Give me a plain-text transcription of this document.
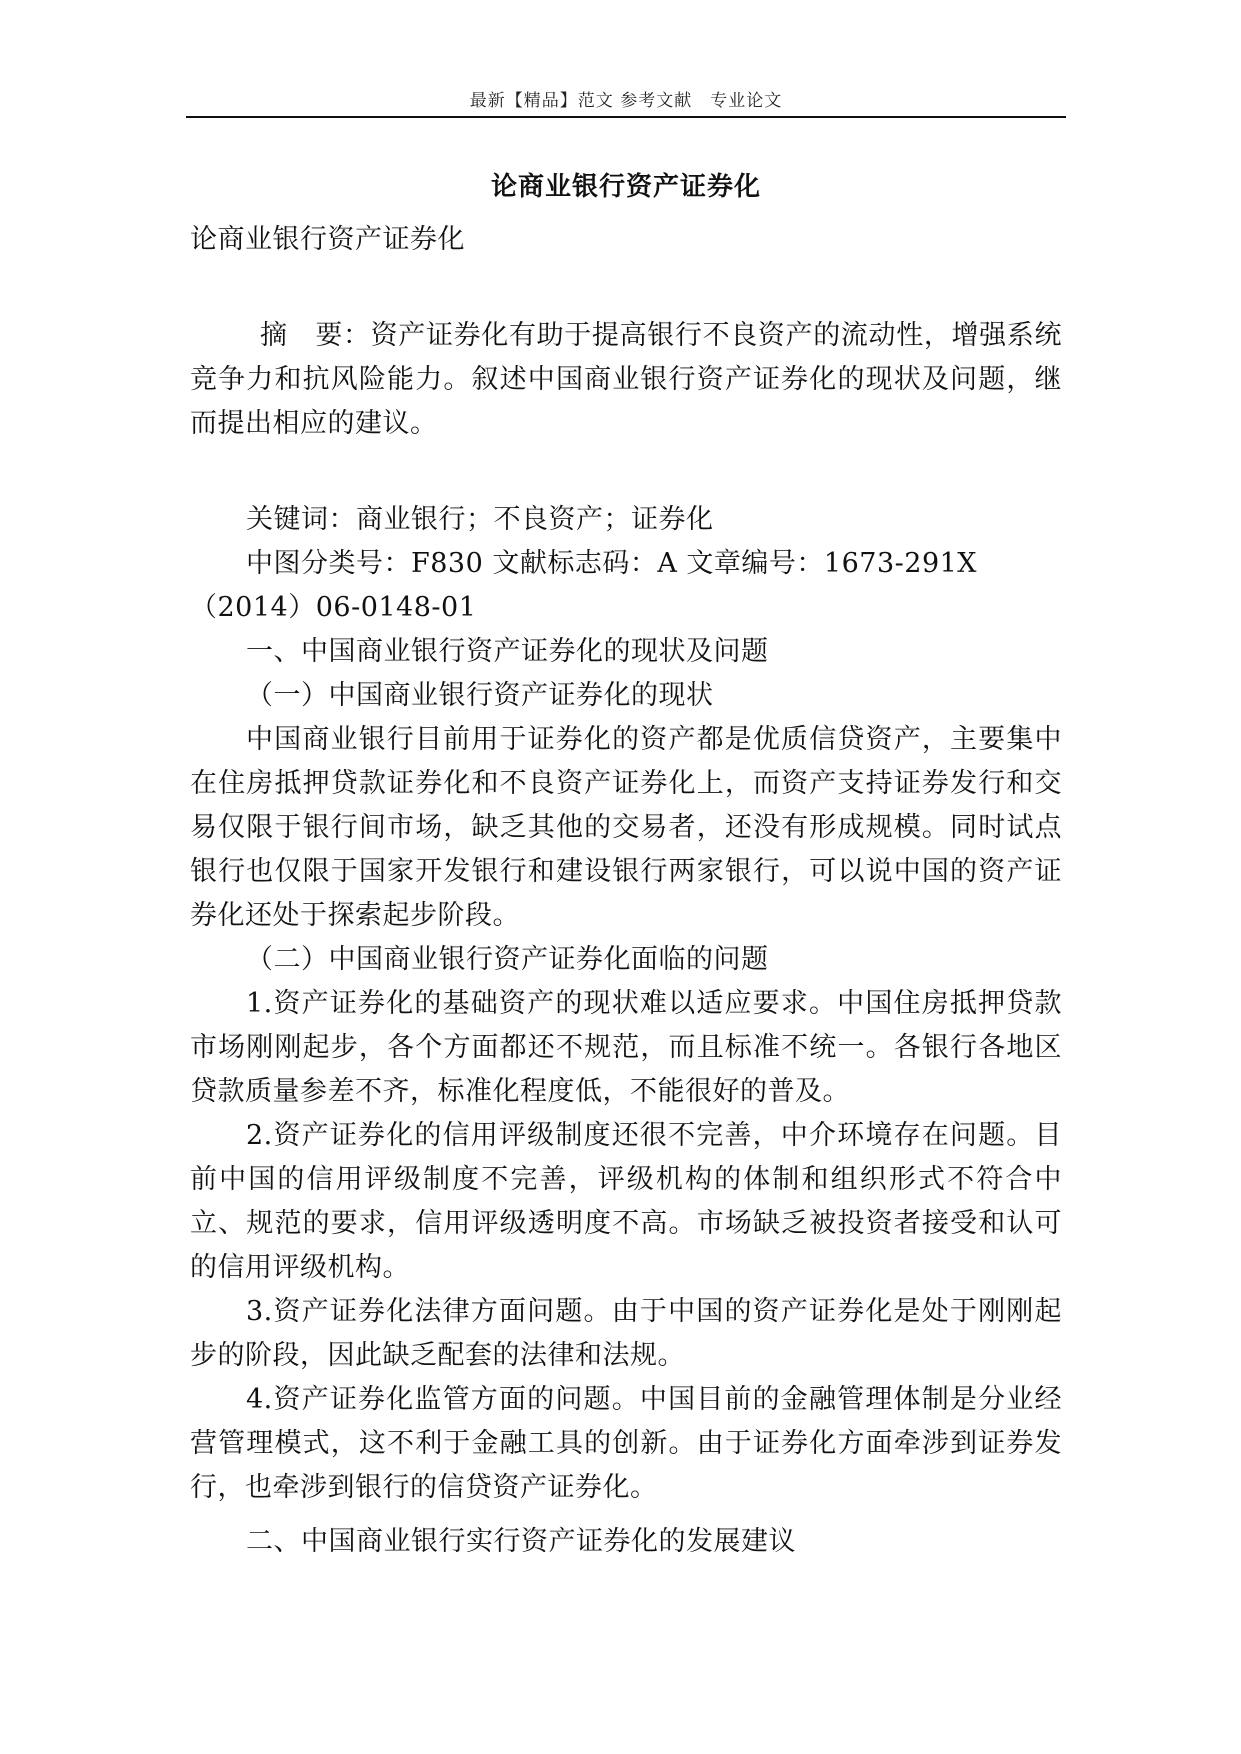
最新【精品】范文 参考文献　专业论文
论商业银行资产证券化

论商业银行资产证券化

摘　要：资产证券化有助于提高银行不良资产的流动性，增强系统竞争力和抗风险能力。叙述中国商业银行资产证券化的现状及问题，继而提出相应的建议。

关键词：商业银行；不良资产；证券化

中图分类号：F830 文献标志码：A 文章编号：1673-291X

（2014）06-0148-01

一、中国商业银行资产证券化的现状及问题

（一）中国商业银行资产证券化的现状

中国商业银行目前用于证券化的资产都是优质信贷资产，主要集中在住房抵押贷款证券化和不良资产证券化上，而资产支持证券发行和交易仅限于银行间市场，缺乏其他的交易者，还没有形成规模。同时试点银行也仅限于国家开发银行和建设银行两家银行，可以说中国的资产证券化还处于探索起步阶段。

（二）中国商业银行资产证券化面临的问题

1.资产证券化的基础资产的现状难以适应要求。中国住房抵押贷款市场刚刚起步，各个方面都还不规范，而且标准不统一。各银行各地区贷款质量参差不齐，标准化程度低，不能很好的普及。

2.资产证券化的信用评级制度还很不完善，中介环境存在问题。目前中国的信用评级制度不完善，评级机构的体制和组织形式不符合中立、规范的要求，信用评级透明度不高。市场缺乏被投资者接受和认可的信用评级机构。

3.资产证券化法律方面问题。由于中国的资产证券化是处于刚刚起步的阶段，因此缺乏配套的法律和法规。

4.资产证券化监管方面的问题。中国目前的金融管理体制是分业经营管理模式，这不利于金融工具的创新。由于证券化方面牵涉到证券发行，也牵涉到银行的信贷资产证券化。

二、中国商业银行实行资产证券化的发展建议
